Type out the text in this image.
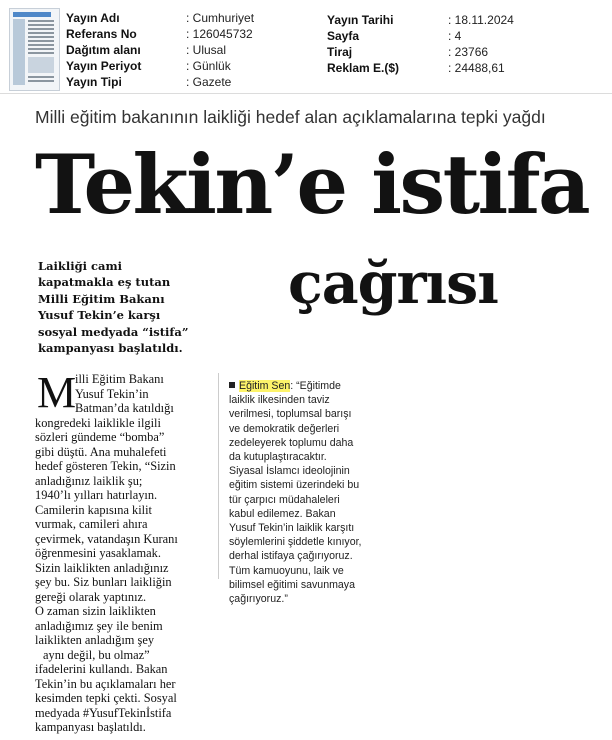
Yayın Adı	: Cumhuriyet
Referans No	: 126045732
Dağıtım alanı	: Ulusal
Yayın Periyot	: Günlük
Yayın Tipi	: Gazete
Yayın Tarihi	: 18.11.2024
Sayfa	: 4
Tiraj	: 23766
Reklam E.($)	: 24488,61
Milli eğitim bakanının laikliği hedef alan açıklamalarına tepki yağdı
Tekin’e istifa
çağrısı
Laikliği cami
kapatmakla eş tutan
Milli Eğitim Bakanı
Yusuf Tekin’e karşı
sosyal medyada “istifa”
kampanyası başlatıldı.
M
illi Eğitim Bakanı
Yusuf Tekin’in
Batman’da katıldığı
kongredeki laiklikle ilgili
sözleri gündeme “bomba”
gibi düştü. Ana muhalefeti
hedef gösteren Tekin, “Sizin
anladığınız laiklik şu;
1940’lı yılları hatırlayın.
Camilerin kapısına kilit
vurmak, camileri ahıra
çevirmek, vatandaşın Kuranı
öğrenmesini yasaklamak.
Sizin laiklikten anladığınız
şey bu. Siz bunları laikliğin
gereği olarak yaptınız.
O zaman sizin laiklikten
anladığımız şey ile benim
laiklikten anladığım şey
aynı değil, bu olmaz”
ifadelerini kullandı. Bakan
Tekin’in bu açıklamaları her
kesimden tepki çekti. Sosyal
medyada #YusufTekinİstifa
kampanyası başlatıldı.
Eğitim Sen: “Eğitimde
laiklik ilkesinden taviz
verilmesi, toplumsal barışı
ve demokratik değerleri
zedeleyerek toplumu daha
da kutuplaştıracaktır.
Siyasal İslamcı ideolojinin
eğitim sistemi üzerindeki bu
tür çarpıcı müdahaleleri
kabul edilemez. Bakan
Yusuf Tekin’in laiklik karşıtı
söylemlerini şiddetle kınıyor,
derhal istifaya çağırıyoruz.
Tüm kamuoyunu, laik ve
bilimsel eğitimi savunmaya
çağırıyoruz.”
